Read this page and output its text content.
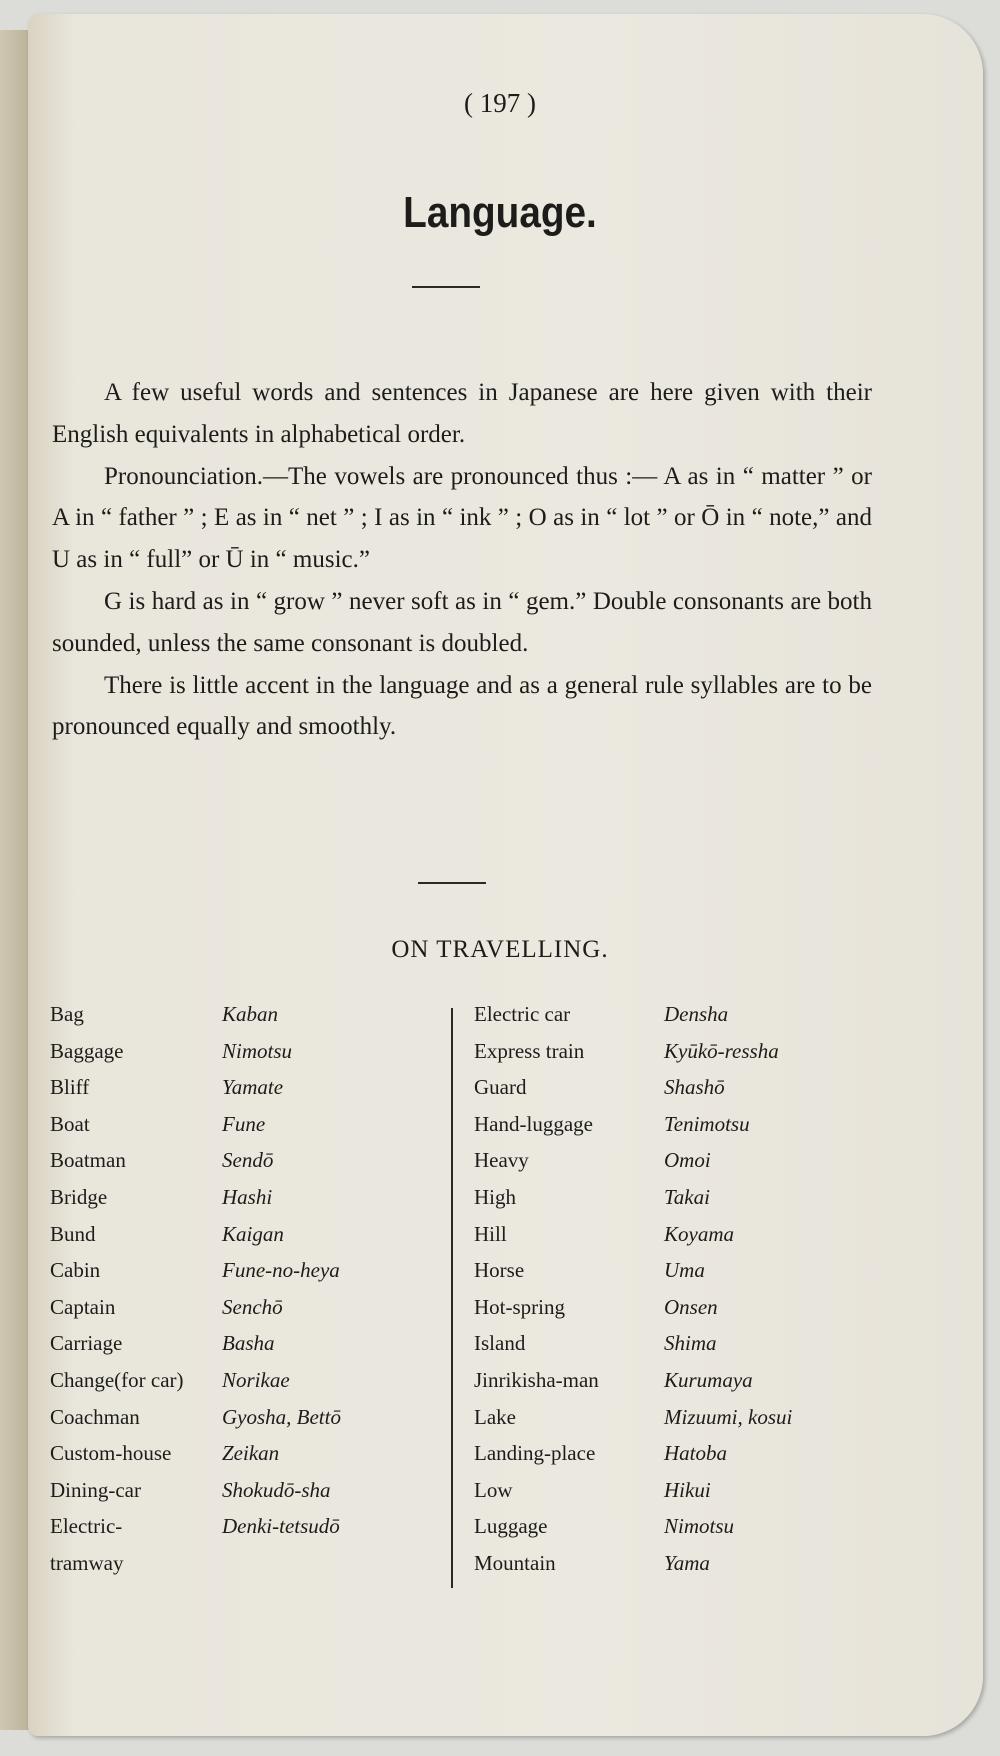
( 197 )
Language.

A few useful words and sentences in Japanese are here given with their English equivalents in alphabetical order.

Pronounciation.—The vowels are pronounced thus :— A as in “ matter ” or A in “ father ” ; E as in “ net ” ; I as in “ ink ” ; O as in “ lot ” or Ō in “ note,” and U as in “ full” or Ū in “ music.”

G is hard as in “ grow ” never soft as in “ gem.” Double consonants are both sounded, unless the same consonant is doubled.

There is little accent in the language and as a general rule syllables are to be pronounced equally and smoothly.

ON TRAVELLING.
Bag	Kaban
Baggage	Nimotsu
Bliff	Yamate
Boat	Fune
Boatman	Sendō
Bridge	Hashi
Bund	Kaigan
Cabin	Fune-no-heya
Captain	Senchō
Carriage	Basha
Change(for car) Norikae
Coachman	Gyosha, Bettō
Custom-house Zeikan
Dining-car	Shokudō-sha
Electric-	Denki-tetsudō
tramway
Electric car	Densha
Express train	Kyūkō-ressha
Guard	Shashō
Hand-luggage	Tenimotsu
Heavy	Omoi
High	Takai
Hill	Koyama
Horse	Uma
Hot-spring	Onsen
Island	Shima
Jinrikisha-man	Kurumaya
Lake	Mizuumi, kosui
Landing-place	Hatoba
Low	Hikui
Luggage	Nimotsu
Mountain	Yama
